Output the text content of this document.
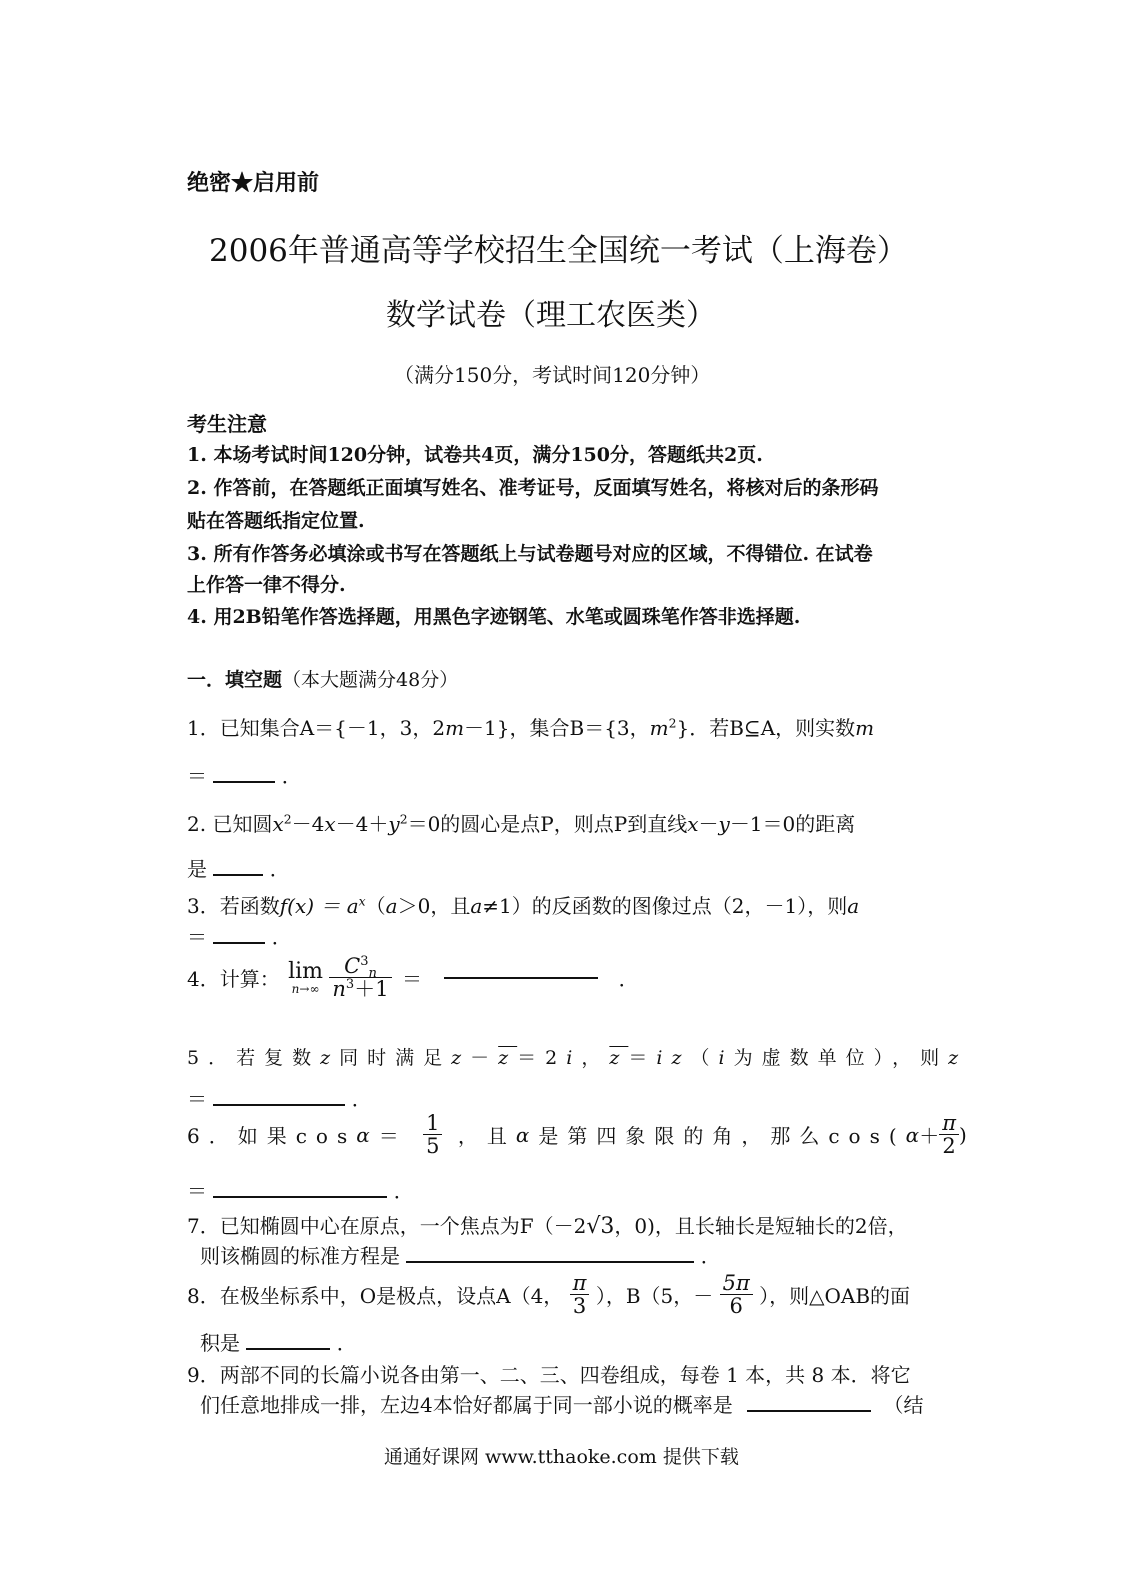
绝密★启用前
2006年普通高等学校招生全国统一考试（上海卷）
数学试卷（理工农医类）
（满分150分，考试时间120分钟）
考生注意
1. 本场考试时间120分钟，试卷共4页，满分150分，答题纸共2页.
2. 作答前，在答题纸正面填写姓名、准考证号，反面填写姓名，将核对后的条形码
贴在答题纸指定位置.
3. 所有作答务必填涂或书写在答题纸上与试卷题号对应的区域，不得错位. 在试卷
上作答一律不得分.
4. 用2B铅笔作答选择题，用黑色字迹钢笔、水笔或圆珠笔作答非选择题.
一．填空题（本大题满分48分）
1．已知集合A＝{－1，3，2m－1}，集合B＝{3，$m^2$}．若B⊆A，则实数m
＝	．
2. 已知圆$x^2-4x-4+y^2=0$的圆心是点P，则点P到直线x－y－1＝0的距离
是	．
3．若函数$f(x) = a^x(a>0$，且a≠1）的反函数的图像过点（2，－1），则a
＝	．
4．计算： lim
n→∞
$\frac{C^3_n}{n^3+1}$ ＝	．
5．若复数z同时满足$z-\overline{z}=2i$，$\overline{z}=iz(i$为虚数单位），则z
＝	．
6．如果$\cos\alpha= \frac{1}{5}$ ，且α是第四象限的角，那么$\cos(\alpha+ \frac{\pi}{2}$ )
＝	．
7．已知椭圆中心在原点，一个焦点为F（－2√3，0)，且长轴长是短轴长的2倍，
则该椭圆的标准方程是	．
8．在极坐标系中，O是极点，设点A（4， $\frac{\pi}{3}$ ），B（5，－ $\frac{5\pi}{6}$ ），则△OAB的面
积是	．
9．两部不同的长篇小说各由第一、二、三、四卷组成，每卷 1 本，共 8 本．将它
们任意地排成一排，左边4本恰好都属于同一部小说的概率是	（结
通通好课网 www.tthaoke.com 提供下载
